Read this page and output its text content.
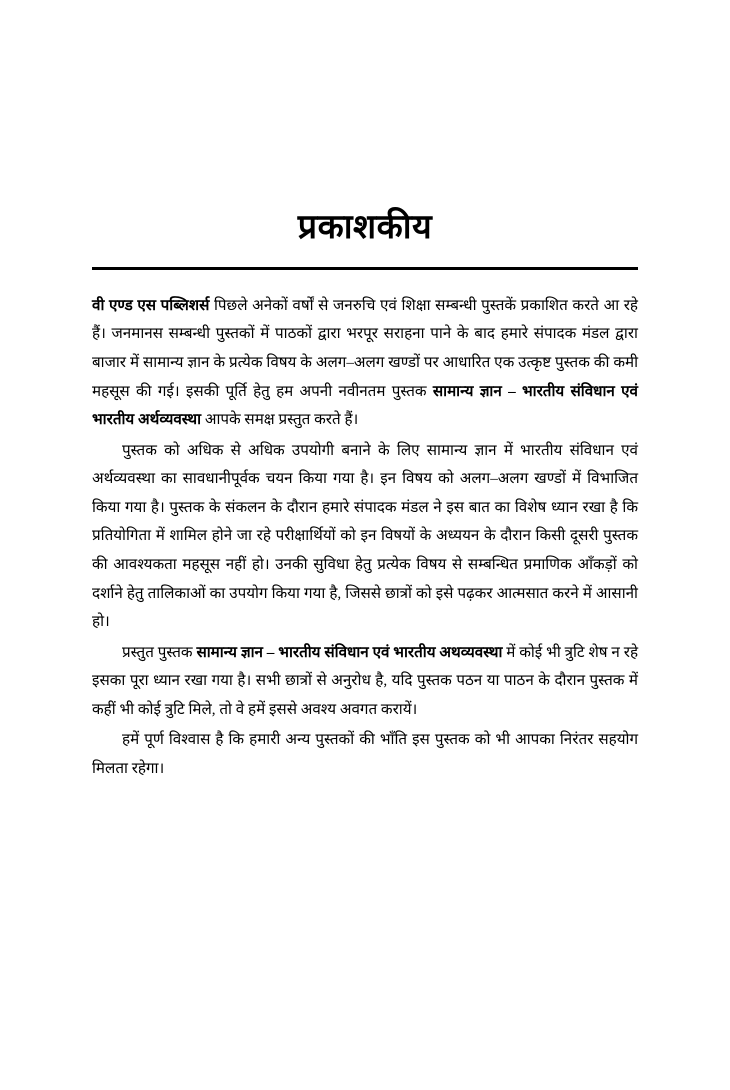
प्रकाशकीय

वी एण्ड एस पब्लिशर्स पिछले अनेकों वर्षों से जनरुचि एवं शिक्षा सम्बन्धी पुस्तकें प्रकाशित करते आ रहे हैं। जनमानस सम्बन्धी पुस्तकों में पाठकों द्वारा भरपूर सराहना पाने के बाद हमारे संपादक मंडल द्वारा बाजार में सामान्य ज्ञान के प्रत्येक विषय के अलग–अलग खण्डों पर आधारित एक उत्कृष्ट पुस्तक की कमी महसूस की गई। इसकी पूर्ति हेतु हम अपनी नवीनतम पुस्तक सामान्य ज्ञान – भारतीय संविधान एवं भारतीय अर्थव्यवस्था आपके समक्ष प्रस्तुत करते हैं।

पुस्तक को अधिक से अधिक उपयोगी बनाने के लिए सामान्य ज्ञान में भारतीय संविधान एवं अर्थव्यवस्था का सावधानीपूर्वक चयन किया गया है। इन विषय को अलग–अलग खण्डों में विभाजित किया गया है। पुस्तक के संकलन के दौरान हमारे संपादक मंडल ने इस बात का विशेष ध्यान रखा है कि प्रतियोगिता में शामिल होने जा रहे परीक्षार्थियों को इन विषयों के अध्ययन के दौरान किसी दूसरी पुस्तक की आवश्यकता महसूस नहीं हो। उनकी सुविधा हेतु प्रत्येक विषय से सम्बन्धित प्रमाणिक आँकड़ों को दर्शाने हेतु तालिकाओं का उपयोग किया गया है, जिससे छात्रों को इसे पढ़कर आत्मसात करने में आसानी हो।

प्रस्तुत पुस्तक सामान्य ज्ञान – भारतीय संविधान एवं भारतीय अथव्यवस्था में कोई भी त्रुटि शेष न रहे इसका पूरा ध्यान रखा गया है। सभी छात्रों से अनुरोध है, यदि पुस्तक पठन या पाठन के दौरान पुस्तक में कहीं भी कोई त्रुटि मिले, तो वे हमें इससे अवश्य अवगत करायें।

हमें पूर्ण विश्वास है कि हमारी अन्य पुस्तकों की भाँति इस पुस्तक को भी आपका निरंतर सहयोग मिलता रहेगा।
